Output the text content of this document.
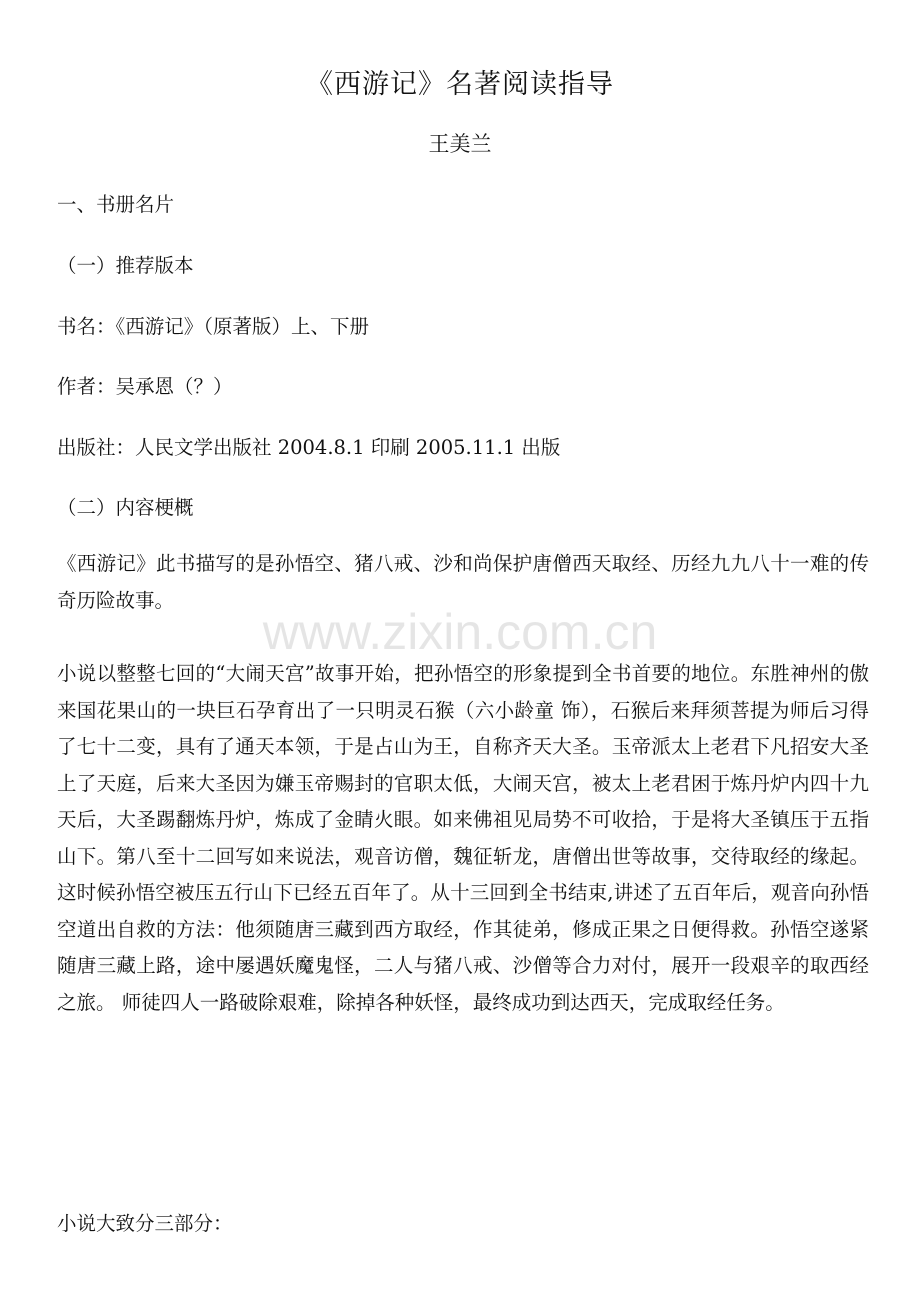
《西游记》名著阅读指导
王美兰
一、书册名片
（一）推荐版本
书名：《西游记》（原著版）上、下册
作者：吴承恩（？）
出版社：人民文学出版社 2004.8.1 印刷 2005.11.1 出版
（二）内容梗概
《西游记》此书描写的是孙悟空、猪八戒、沙和尚保护唐僧西天取经、历经九九八十一难的传奇历险故事。
小说以整整七回的“大闹天宫”故事开始，把孙悟空的形象提到全书首要的地位。东胜神州的傲来国花果山的一块巨石孕育出了一只明灵石猴（六小龄童 饰），石猴后来拜须菩提为师后习得了七十二变，具有了通天本领，于是占山为王，自称齐天大圣。玉帝派太上老君下凡招安大圣上了天庭，后来大圣因为嫌玉帝赐封的官职太低，大闹天宫，被太上老君困于炼丹炉内四十九天后，大圣踢翻炼丹炉，炼成了金睛火眼。如来佛祖见局势不可收拾，于是将大圣镇压于五指山下。第八至十二回写如来说法，观音访僧，魏征斩龙，唐僧出世等故事，交待取经的缘起。这时候孙悟空被压五行山下已经五百年了。从十三回到全书结束,讲述了五百年后，观音向孙悟空道出自救的方法：他须随唐三藏到西方取经，作其徒弟，修成正果之日便得救。孙悟空遂紧随唐三藏上路，途中屡遇妖魔鬼怪，二人与猪八戒、沙僧等合力对付，展开一段艰辛的取西经之旅。 师徒四人一路破除艰难，除掉各种妖怪，最终成功到达西天，完成取经任务。
小说大致分三部分：
www.zixin.com.cn
